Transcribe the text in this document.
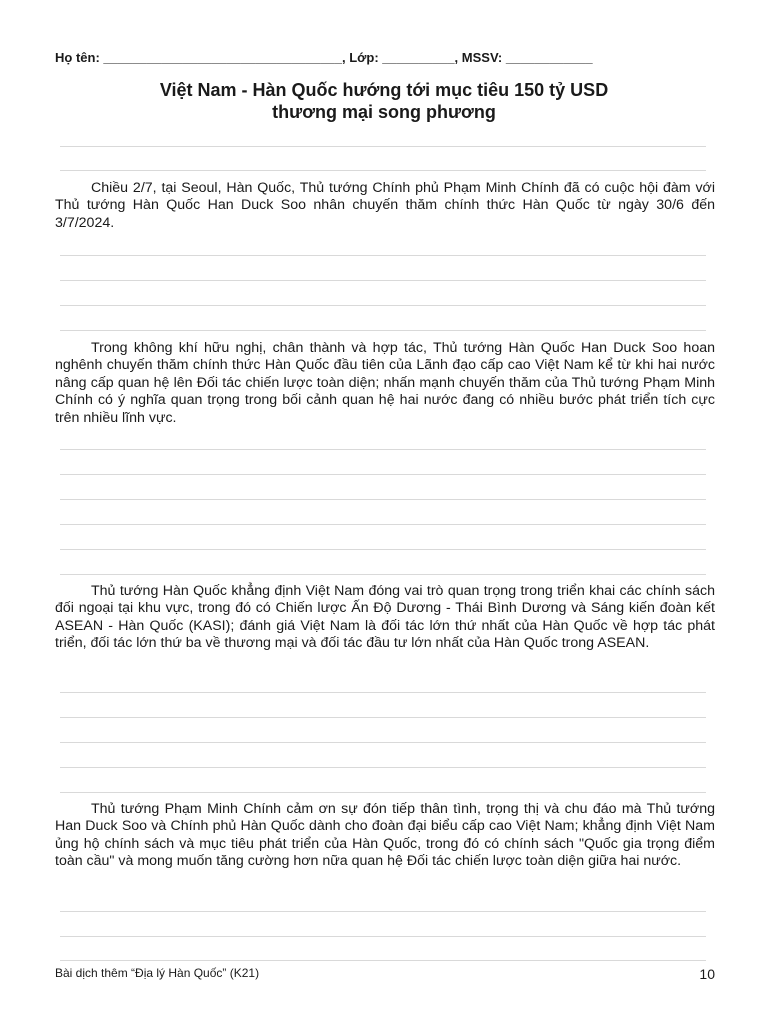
Họ tên: _________________________________, Lớp: __________, MSSV: ____________
Việt Nam - Hàn Quốc hướng tới mục tiêu 150 tỷ USD
thương mại song phương
Chiều 2/7, tại Seoul, Hàn Quốc, Thủ tướng Chính phủ Phạm Minh Chính đã có cuộc hội đàm với Thủ tướng Hàn Quốc Han Duck Soo nhân chuyến thăm chính thức Hàn Quốc từ ngày 30/6 đến 3/7/2024.
Trong không khí hữu nghị, chân thành và hợp tác, Thủ tướng Hàn Quốc Han Duck Soo hoan nghênh chuyến thăm chính thức Hàn Quốc đầu tiên của Lãnh đạo cấp cao Việt Nam kể từ khi hai nước nâng cấp quan hệ lên Đối tác chiến lược toàn diện; nhấn mạnh chuyến thăm của Thủ tướng Phạm Minh Chính có ý nghĩa quan trọng trong bối cảnh quan hệ hai nước đang có nhiều bước phát triển tích cực trên nhiều lĩnh vực.
Thủ tướng Hàn Quốc khẳng định Việt Nam đóng vai trò quan trọng trong triển khai các chính sách đối ngoại tại khu vực, trong đó có Chiến lược Ấn Độ Dương - Thái Bình Dương và Sáng kiến đoàn kết ASEAN - Hàn Quốc (KASI); đánh giá Việt Nam là đối tác lớn thứ nhất của Hàn Quốc về hợp tác phát triển, đối tác lớn thứ ba về thương mại và đối tác đầu tư lớn nhất của Hàn Quốc trong ASEAN.
Thủ tướng Phạm Minh Chính cảm ơn sự đón tiếp thân tình, trọng thị và chu đáo mà Thủ tướng Han Duck Soo và Chính phủ Hàn Quốc dành cho đoàn đại biểu cấp cao Việt Nam; khẳng định Việt Nam ủng hộ chính sách và mục tiêu phát triển của Hàn Quốc, trong đó có chính sách "Quốc gia trọng điểm toàn cầu" và mong muốn tăng cường hơn nữa quan hệ Đối tác chiến lược toàn diện giữa hai nước.
Bài dịch thêm “Địa lý Hàn Quốc” (K21)	10
